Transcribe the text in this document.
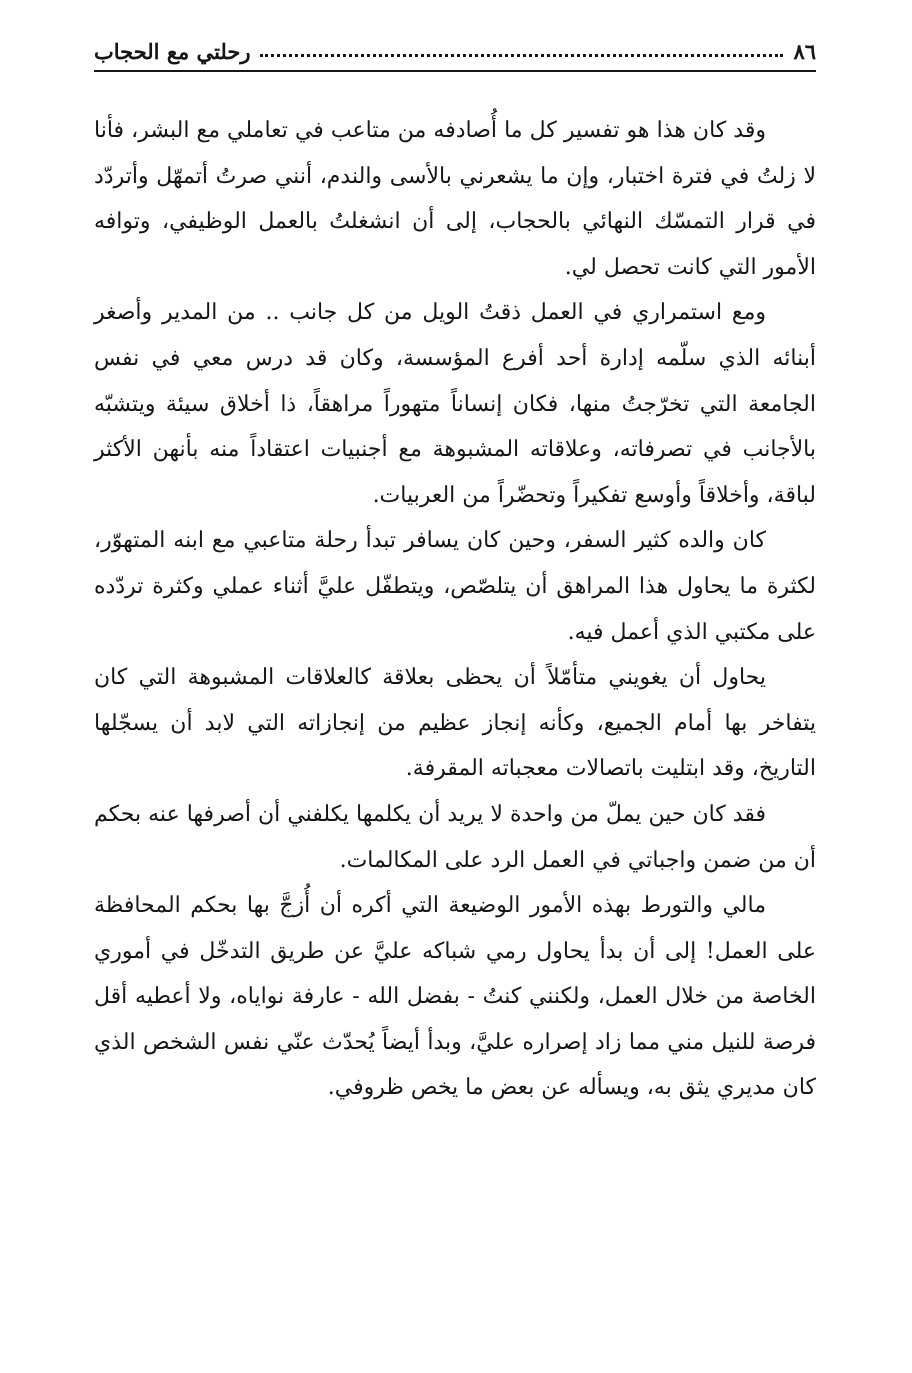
٨٦
رحلتي مع الحجاب

وقد كان هذا هو تفسير كل ما أُصادفه من متاعب في تعاملي مع البشر، فأنا لا زلتُ في فترة اختبار، وإن ما يشعرني بالأسى والندم، أنني صرتُ أتمهّل وأتردّد في قرار التمسّك النهائي بالحجاب، إلى أن انشغلتُ بالعمل الوظيفي، وتوافه الأمور التي كانت تحصل لي.

ومع استمراري في العمل ذقتُ الويل من كل جانب .. من المدير وأصغر أبنائه الذي سلّمه إدارة أحد أفرع المؤسسة، وكان قد درس معي في نفس الجامعة التي تخرّجتُ منها، فكان إنساناً متهوراً مراهقاً، ذا أخلاق سيئة ويتشبّه بالأجانب في تصرفاته، وعلاقاته المشبوهة مع أجنبيات اعتقاداً منه بأنهن الأكثر لباقة، وأخلاقاً وأوسع تفكيراً وتحضّراً من العربيات.

كان والده كثير السفر، وحين كان يسافر تبدأ رحلة متاعبي مع ابنه المتهوّر، لكثرة ما يحاول هذا المراهق أن يتلصّص، ويتطفّل عليَّ أثناء عملي وكثرة تردّده على مكتبي الذي أعمل فيه.

يحاول أن يغويني متأمّلاً أن يحظى بعلاقة كالعلاقات المشبوهة التي كان يتفاخر بها أمام الجميع، وكأنه إنجاز عظيم من إنجازاته التي لابد أن يسجّلها التاريخ، وقد ابتليت باتصالات معجباته المقرفة.

فقد كان حين يملّ من واحدة لا يريد أن يكلمها يكلفني أن أصرفها عنه بحكم أن من ضمن واجباتي في العمل الرد على المكالمات.

مالي والتورط بهذه الأمور الوضيعة التي أكره أن أُزجَّ بها بحكم المحافظة على العمل! إلى أن بدأ يحاول رمي شباكه عليَّ عن طريق التدخّل في أموري الخاصة من خلال العمل، ولكنني كنتُ - بفضل الله - عارفة نواياه، ولا أعطيه أقل فرصة للنيل مني مما زاد إصراره عليَّ، وبدأ أيضاً يُحدّث عنّي نفس الشخص الذي كان مديري يثق به، ويسأله عن بعض ما يخص ظروفي.
